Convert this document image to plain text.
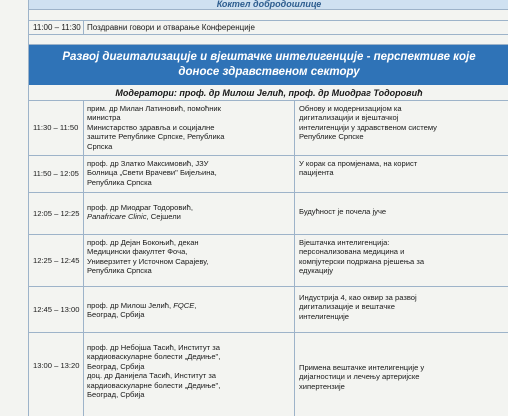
Коктел добродошлице
11:00 – 11:30 Поздравни говори и отварање Конференције
Развој дигитализације и вјештачке интелигенције - перспективе које
доносе здравственом сектору
Модератори: проф. др Милош Јелић, проф. др Миодраг Тодоровић
11:30 – 11:50
прим. др Милан Латиновић, помоћник
министра
Министарство здравља и социјалне
заштите Републике Српске, Република
Српска
Обнову и модернизацијом ка
дигитализацији и вјештачкој
интелигенцији у здравственом систему
Републике Српске
11:50 – 12:05
проф. др Златко Максимовић, ЈЗУ
Болница „Свети Врачеви" Бијељина,
Република Српска
У корак са промјенама, на корист
пацијента
12:05 – 12:25
проф. др Миодраг Тодоровић,
Panafricare Clinic, Сејшели
Будућност је почела јуче
12:25 – 12:45
проф. др Дејан Бокоњић, декан
Медицински факултет Фоча,
Универзитет у Источном Сарајеву,
Република Српска
Вјештачка интелигенција:
персонализована медицина и
компјутерски подржана рјешења за
едукацију
12:45 – 13:00 проф. др Милош Јелић, FQCE,
Београд, Србија
Индустрија 4, као оквир за развој
дигитализације и вештачке
интелигенције
13:00 – 13:20
проф. др Небојша Тасић, Институт за
кардиоваскуларне болести „Дедиње",
Београд, Србија
доц. др Данијела Тасић, Институт за
кардиоваскуларне болести „Дедиње",
Београд, Србија
Примена вештачке интелигенције у
дијагностици и лечењу артеријске
хипертензије
